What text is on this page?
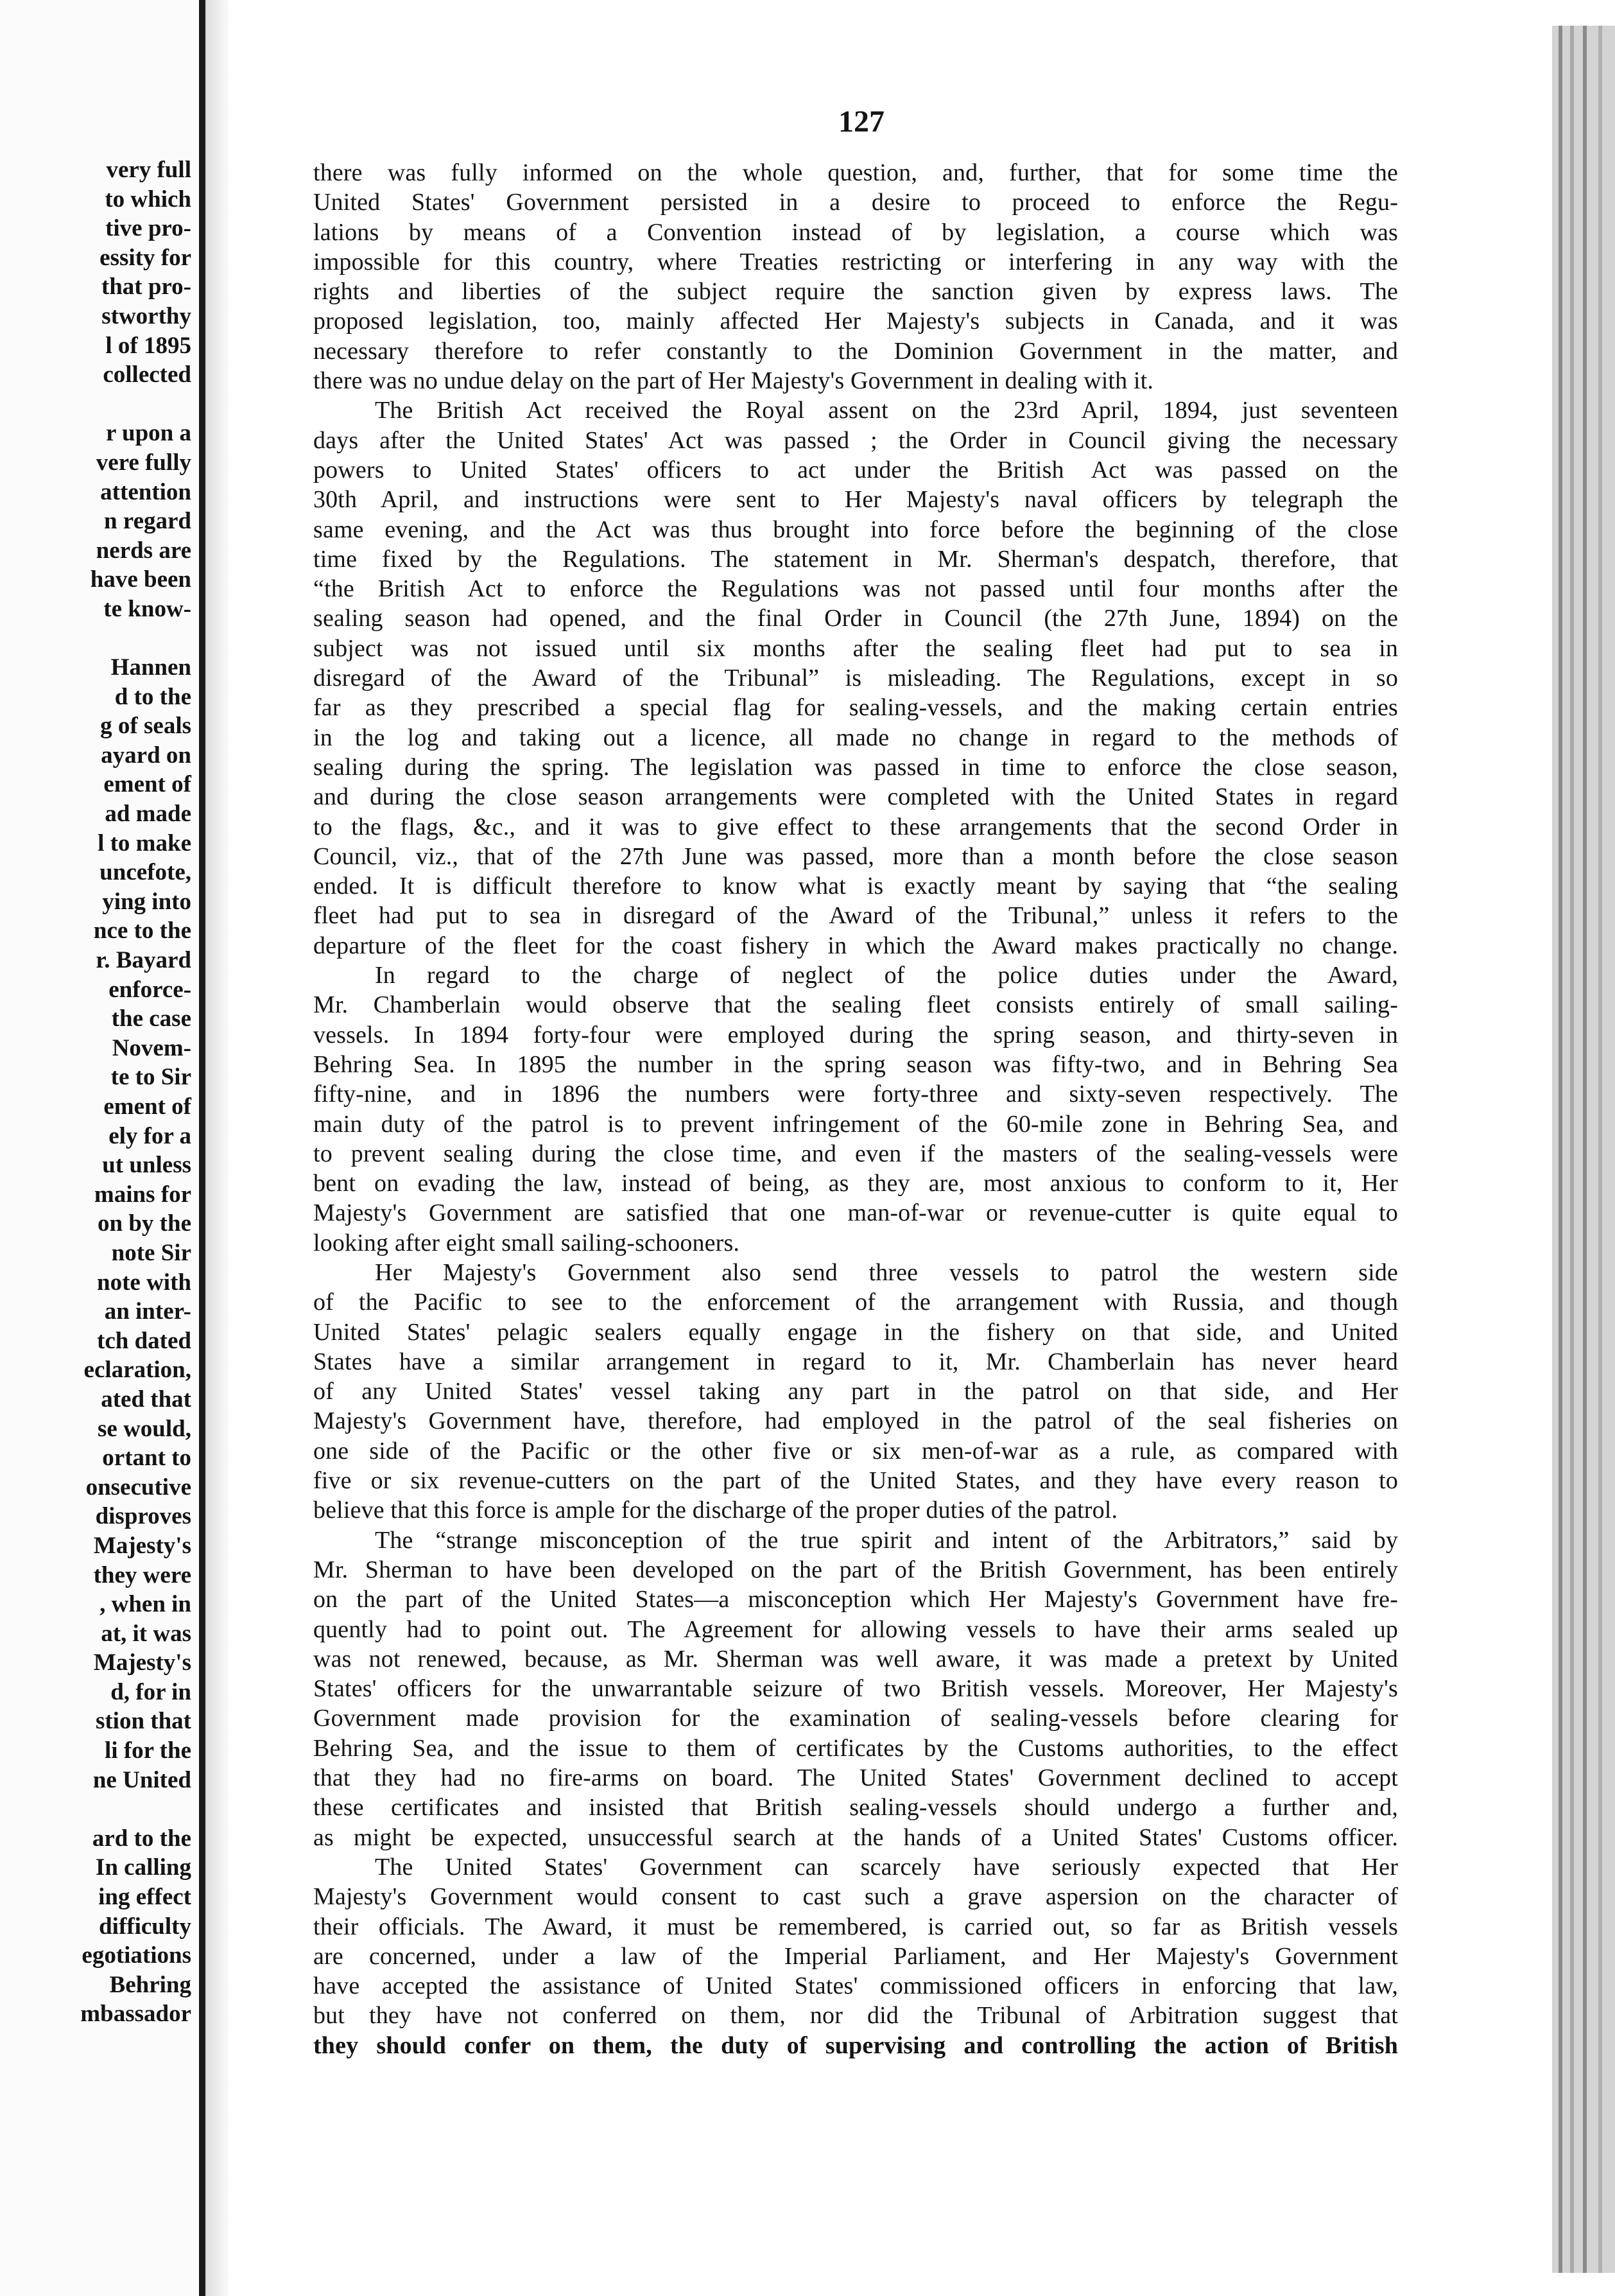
very full
to which
tive pro-
essity for
that pro-
stworthy
l of 1895
collected
r upon a
vere fully
attention
n regard
nerds are
have been
te know-
Hannen
d to the
g of seals
ayard on
ement of
ad made
l to make
uncefote,
ying into
nce to the
r. Bayard
enforce-
the case
Novem-
te to Sir
ement of
ely for a
ut unless
mains for
on by the
note Sir
note with
an inter-
tch dated
eclaration,
ated that
se would,
ortant to
onsecutive
disproves
Majesty's
they were
, when in
at, it was
Majesty's
d, for in
stion that
li for the
ne United
ard to the
In calling
ing effect
difficulty
egotiations
Behring
mbassador
127
there was fully informed on the whole question, and, further, that for some time the
United States' Government persisted in a desire to proceed to enforce the Regu-
lations by means of a Convention instead of by legislation, a course which was
impossible for this country, where Treaties restricting or interfering in any way with the
rights and liberties of the subject require the sanction given by express laws. The
proposed legislation, too, mainly affected Her Majesty's subjects in Canada, and it was
necessary therefore to refer constantly to the Dominion Government in the matter, and
there was no undue delay on the part of Her Majesty's Government in dealing with it.
The British Act received the Royal assent on the 23rd April, 1894, just seventeen
days after the United States' Act was passed ; the Order in Council giving the necessary
powers to United States' officers to act under the British Act was passed on the
30th April, and instructions were sent to Her Majesty's naval officers by telegraph the
same evening, and the Act was thus brought into force before the beginning of the close
time fixed by the Regulations. The statement in Mr. Sherman's despatch, therefore, that
“the British Act to enforce the Regulations was not passed until four months after the
sealing season had opened, and the final Order in Council (the 27th June, 1894) on the
subject was not issued until six months after the sealing fleet had put to sea in
disregard of the Award of the Tribunal” is misleading. The Regulations, except in so
far as they prescribed a special flag for sealing-vessels, and the making certain entries
in the log and taking out a licence, all made no change in regard to the methods of
sealing during the spring. The legislation was passed in time to enforce the close season,
and during the close season arrangements were completed with the United States in regard
to the flags, &c., and it was to give effect to these arrangements that the second Order in
Council, viz., that of the 27th June was passed, more than a month before the close season
ended. It is difficult therefore to know what is exactly meant by saying that “the sealing
fleet had put to sea in disregard of the Award of the Tribunal,” unless it refers to the
departure of the fleet for the coast fishery in which the Award makes practically no change.
In regard to the charge of neglect of the police duties under the Award,
Mr. Chamberlain would observe that the sealing fleet consists entirely of small sailing-
vessels. In 1894 forty-four were employed during the spring season, and thirty-seven in
Behring Sea. In 1895 the number in the spring season was fifty-two, and in Behring Sea
fifty-nine, and in 1896 the numbers were forty-three and sixty-seven respectively. The
main duty of the patrol is to prevent infringement of the 60-mile zone in Behring Sea, and
to prevent sealing during the close time, and even if the masters of the sealing-vessels were
bent on evading the law, instead of being, as they are, most anxious to conform to it, Her
Majesty's Government are satisfied that one man-of-war or revenue-cutter is quite equal to
looking after eight small sailing-schooners.
Her Majesty's Government also send three vessels to patrol the western side
of the Pacific to see to the enforcement of the arrangement with Russia, and though
United States' pelagic sealers equally engage in the fishery on that side, and United
States have a similar arrangement in regard to it, Mr. Chamberlain has never heard
of any United States' vessel taking any part in the patrol on that side, and Her
Majesty's Government have, therefore, had employed in the patrol of the seal fisheries on
one side of the Pacific or the other five or six men-of-war as a rule, as compared with
five or six revenue-cutters on the part of the United States, and they have every reason to
believe that this force is ample for the discharge of the proper duties of the patrol.
The “strange misconception of the true spirit and intent of the Arbitrators,” said by
Mr. Sherman to have been developed on the part of the British Government, has been entirely
on the part of the United States—a misconception which Her Majesty's Government have fre-
quently had to point out. The Agreement for allowing vessels to have their arms sealed up
was not renewed, because, as Mr. Sherman was well aware, it was made a pretext by United
States' officers for the unwarrantable seizure of two British vessels. Moreover, Her Majesty's
Government made provision for the examination of sealing-vessels before clearing for
Behring Sea, and the issue to them of certificates by the Customs authorities, to the effect
that they had no fire-arms on board. The United States' Government declined to accept
these certificates and insisted that British sealing-vessels should undergo a further and,
as might be expected, unsuccessful search at the hands of a United States' Customs officer.
The United States' Government can scarcely have seriously expected that Her
Majesty's Government would consent to cast such a grave aspersion on the character of
their officials. The Award, it must be remembered, is carried out, so far as British vessels
are concerned, under a law of the Imperial Parliament, and Her Majesty's Government
have accepted the assistance of United States' commissioned officers in enforcing that law,
but they have not conferred on them, nor did the Tribunal of Arbitration suggest that
they should confer on them, the duty of supervising and controlling the action of British
